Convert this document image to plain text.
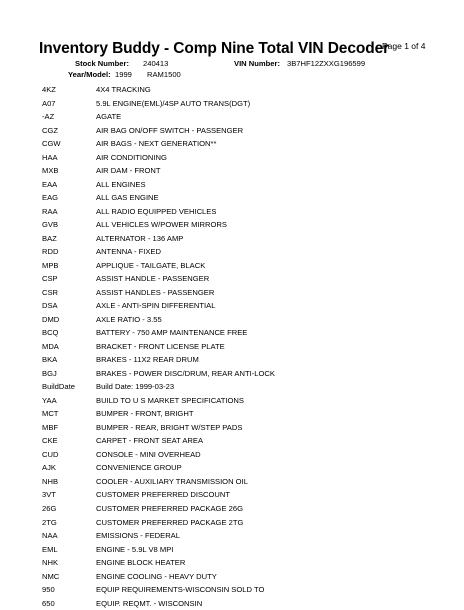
Inventory Buddy - Comp Nine Total VIN Decoder
Page 1 of 4
Stock Number: 240413	VIN Number: 3B7HF12ZXXG196599
Year/Model: 1999 RAM1500
4KZ	4X4 TRACKING
A07	5.9L ENGINE(EML)/4SP AUTO TRANS(DGT)
-AZ	AGATE
CGZ	AIR BAG ON/OFF SWITCH - PASSENGER
CGW	AIR BAGS - NEXT GENERATION**
HAA	AIR CONDITIONING
MXB	AIR DAM - FRONT
EAA	ALL ENGINES
EAG	ALL GAS ENGINE
RAA	ALL RADIO EQUIPPED VEHICLES
GVB	ALL VEHICLES W/POWER MIRRORS
BAZ	ALTERNATOR - 136 AMP
RDD	ANTENNA - FIXED
MPB	APPLIQUE - TAILGATE, BLACK
CSP	ASSIST HANDLE - PASSENGER
CSR	ASSIST HANDLES - PASSENGER
DSA	AXLE - ANTI-SPIN DIFFERENTIAL
DMD	AXLE RATIO - 3.55
BCQ	BATTERY - 750 AMP MAINTENANCE FREE
MDA	BRACKET - FRONT LICENSE PLATE
BKA	BRAKES - 11X2 REAR DRUM
BGJ	BRAKES - POWER DISC/DRUM, REAR ANTI-LOCK
BuildDate	Build Date: 1999-03-23
YAA	BUILD TO U S MARKET SPECIFICATIONS
MCT	BUMPER - FRONT, BRIGHT
MBF	BUMPER - REAR, BRIGHT W/STEP PADS
CKE	CARPET - FRONT SEAT AREA
CUD	CONSOLE - MINI OVERHEAD
AJK	CONVENIENCE GROUP
NHB	COOLER - AUXILIARY TRANSMISSION OIL
3VT	CUSTOMER PREFERRED DISCOUNT
26G	CUSTOMER PREFERRED PACKAGE 26G
2TG	CUSTOMER PREFERRED PACKAGE 2TG
NAA	EMISSIONS - FEDERAL
EML	ENGINE - 5.9L V8 MPI
NHK	ENGINE BLOCK HEATER
NMC	ENGINE COOLING - HEAVY DUTY
950	EQUIP REQUIREMENTS-WISCONSIN SOLD TO
650	EQUIP. REQMT. - WISCONSIN
